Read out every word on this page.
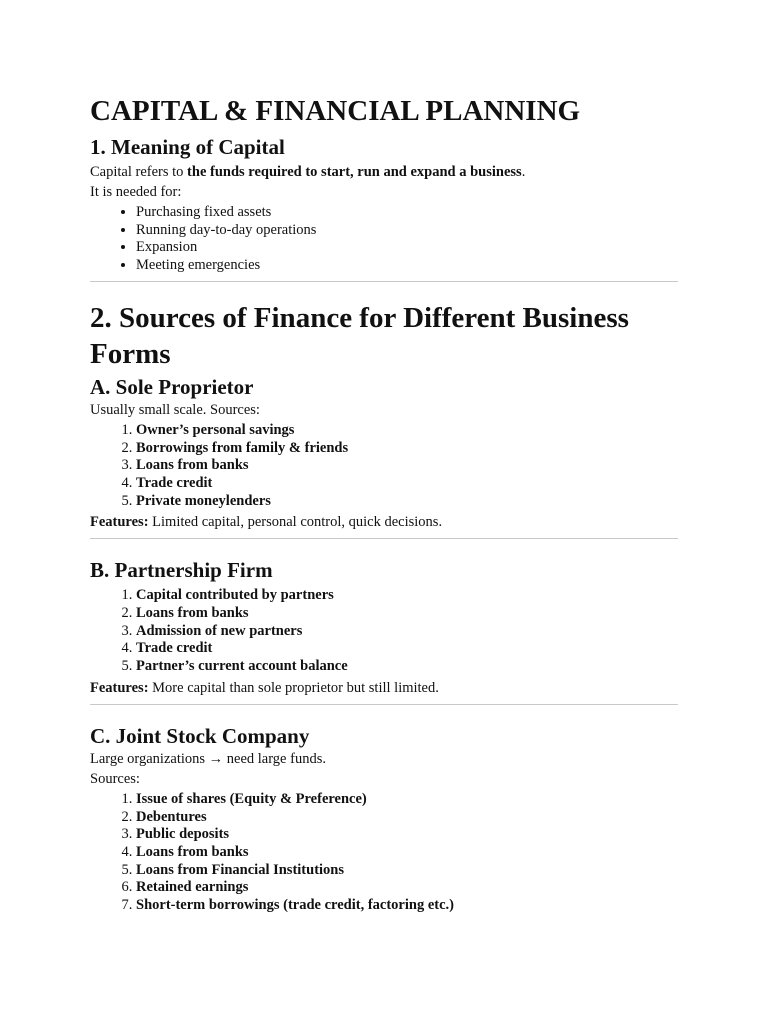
CAPITAL & FINANCIAL PLANNING
1. Meaning of Capital

Capital refers to the funds required to start, run and expand a business.

It is needed for:

• Purchasing fixed assets
• Running day-to-day operations
• Expansion
• Meeting emergencies
2. Sources of Finance for Different Business Forms
A. Sole Proprietor

Usually small scale. Sources:

1. Owner’s personal savings
2. Borrowings from family & friends
3. Loans from banks
4. Trade credit
5. Private moneylenders

Features: Limited capital, personal control, quick decisions.

B. Partnership Firm
1. Capital contributed by partners
2. Loans from banks
3. Admission of new partners
4. Trade credit
5. Partner’s current account balance

Features: More capital than sole proprietor but still limited.

C. Joint Stock Company

Large organizations → need large funds.

Sources:

1. Issue of shares (Equity & Preference)
2. Debentures
3. Public deposits
4. Loans from banks
5. Loans from Financial Institutions
6. Retained earnings
7. Short-term borrowings (trade credit, factoring etc.)
